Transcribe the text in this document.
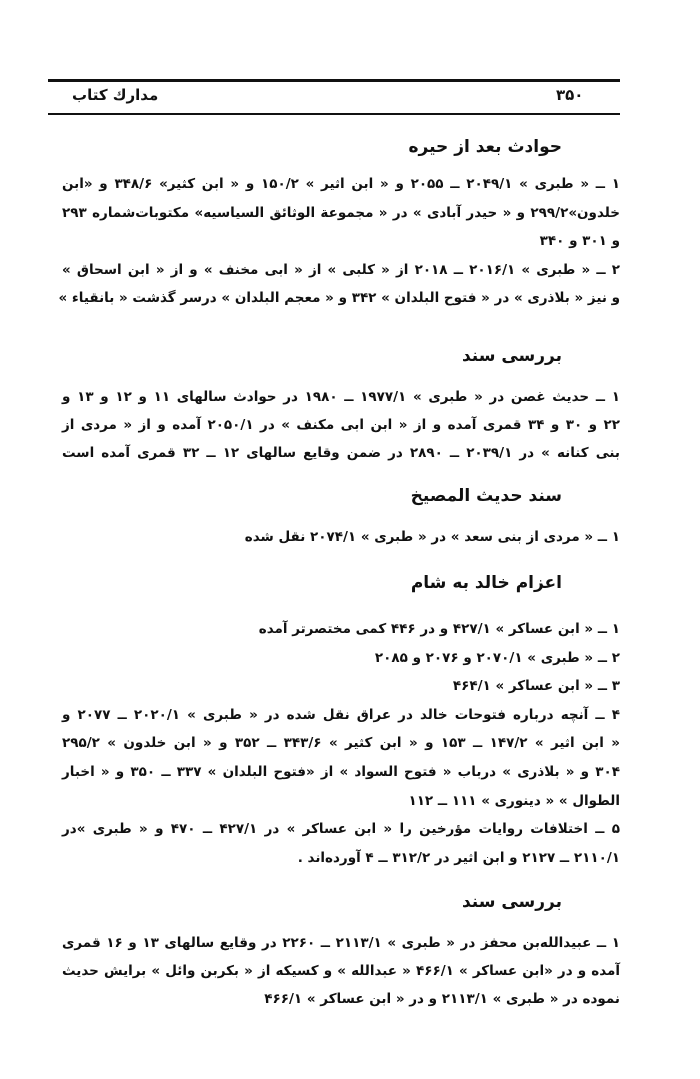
مدارك كتاب	۳۵۰
حوادث بعد از حیره
۱ ــ « طبری » ۲۰۴۹/۱ ــ ۲۰۵۵ و « ابن اثیر » ۱۵۰/۲ و « ابن کثیر» ۳۴۸/۶ و «ابن
خلدون»۲۹۹/۲ و « حیدر آبادی » در « مجموعة الوثائق السیاسیه» مکتوبات‌شماره ۲۹۳
و ۳۰۱ و ۳۴۰
۲ ــ « طبری » ۲۰۱۶/۱ ــ ۲۰۱۸ از « کلبی » از « ابی مخنف » و از « ابن اسحاق »
و نیز « بلاذری » در « فتوح البلدان » ۳۴۲ و « معجم البلدان » درسر گذشت « بانقیاء »
بررسی سند
۱ ــ حدیث غصن در « طبری » ۱۹۷۷/۱ ــ ۱۹۸۰ در حوادث سالهای ۱۱ و ۱۲ و ۱۳ و
۲۲ و ۳۰ و ۳۴ قمری آمده و از « ابن ابی مکنف » در ۲۰۵۰/۱ آمده و از « مردی از
بنی کنانه » در ۲۰۳۹/۱ ــ ۲۸۹۰ در ضمن وقایع سالهای ۱۲ ــ ۳۲ قمری آمده است
سند حدیث المصیخ
۱ ــ « مردی از بنی سعد » در « طبری » ۲۰۷۴/۱ نقل شده
اعزام خالد به شام
۱ ــ « ابن عساکر » ۴۲۷/۱ و در ۴۴۶ کمی مختصرتر آمده
۲ ــ « طبری » ۲۰۷۰/۱ و ۲۰۷۶ و ۲۰۸۵
۳ ــ « ابن عساکر » ۴۶۴/۱
۴ ــ آنچه درباره فتوحات خالد در عراق نقل شده در « طبری » ۲۰۲۰/۱ ــ ۲۰۷۷ و
« ابن اثیر » ۱۴۷/۲ ــ ۱۵۳ و « ابن کثیر » ۳۴۳/۶ ــ ۳۵۲ و « ابن خلدون » ۲۹۵/۲
۳۰۴ و « بلاذری » درباب « فتوح السواد » از «فتوح البلدان » ۳۳۷ ــ ۳۵۰ و « اخبار
الطوال » « دینوری » ۱۱۱ ــ ۱۱۲
۵ ــ اختلافات روایات مؤرخین را « ابن عساکر » در ۴۲۷/۱ ــ ۴۷۰ و « طبری »در
۲۱۱۰/۱ ــ ۲۱۲۷ و ابن اثیر در ۳۱۲/۲ ــ ۴ آورده‌اند .
بررسی سند
۱ ــ عبیدالله‌بن محفز در « طبری » ۲۱۱۳/۱ ــ ۲۲۶۰ در وقایع سالهای ۱۳ و ۱۶ قمری
آمده و در «ابن عساکر » ۴۶۶/۱ « عبدالله » و کسیکه از « بکربن وائل » برایش حدیث
نموده در « طبری » ۲۱۱۳/۱ و در « ابن عساکر » ۴۶۶/۱
